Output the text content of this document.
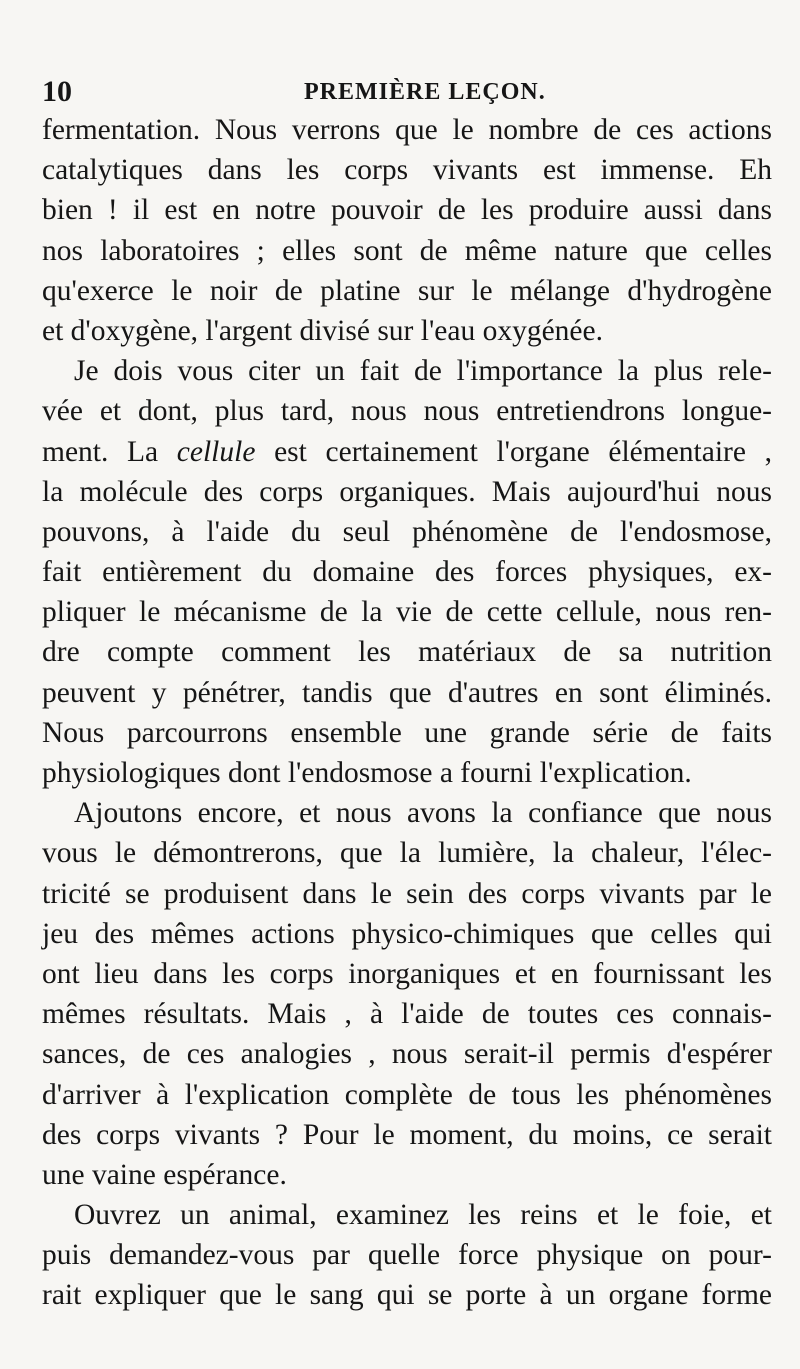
10	PREMIÈRE LEÇON.
fermentation. Nous verrons que le nombre de ces actions
catalytiques dans les corps vivants est immense. Eh
bien ! il est en notre pouvoir de les produire aussi dans
nos laboratoires ; elles sont de même nature que celles
qu'exerce le noir de platine sur le mélange d'hydrogène
et d'oxygène, l'argent divisé sur l'eau oxygénée.
Je dois vous citer un fait de l'importance la plus rele-
vée et dont, plus tard, nous nous entretiendrons longue-
ment. La cellule est certainement l'organe élémentaire ,
la molécule des corps organiques. Mais aujourd'hui nous
pouvons, à l'aide du seul phénomène de l'endosmose,
fait entièrement du domaine des forces physiques, ex-
pliquer le mécanisme de la vie de cette cellule, nous ren-
dre compte comment les matériaux de sa nutrition
peuvent y pénétrer, tandis que d'autres en sont éliminés.
Nous parcourrons ensemble une grande série de faits
physiologiques dont l'endosmose a fourni l'explication.
Ajoutons encore, et nous avons la confiance que nous
vous le démontrerons, que la lumière, la chaleur, l'élec-
tricité se produisent dans le sein des corps vivants par le
jeu des mêmes actions physico-chimiques que celles qui
ont lieu dans les corps inorganiques et en fournissant les
mêmes résultats. Mais , à l'aide de toutes ces connais-
sances, de ces analogies , nous serait-il permis d'espérer
d'arriver à l'explication complète de tous les phénomènes
des corps vivants ? Pour le moment, du moins, ce serait
une vaine espérance.
Ouvrez un animal, examinez les reins et le foie, et
puis demandez-vous par quelle force physique on pour-
rait expliquer que le sang qui se porte à un organe forme
